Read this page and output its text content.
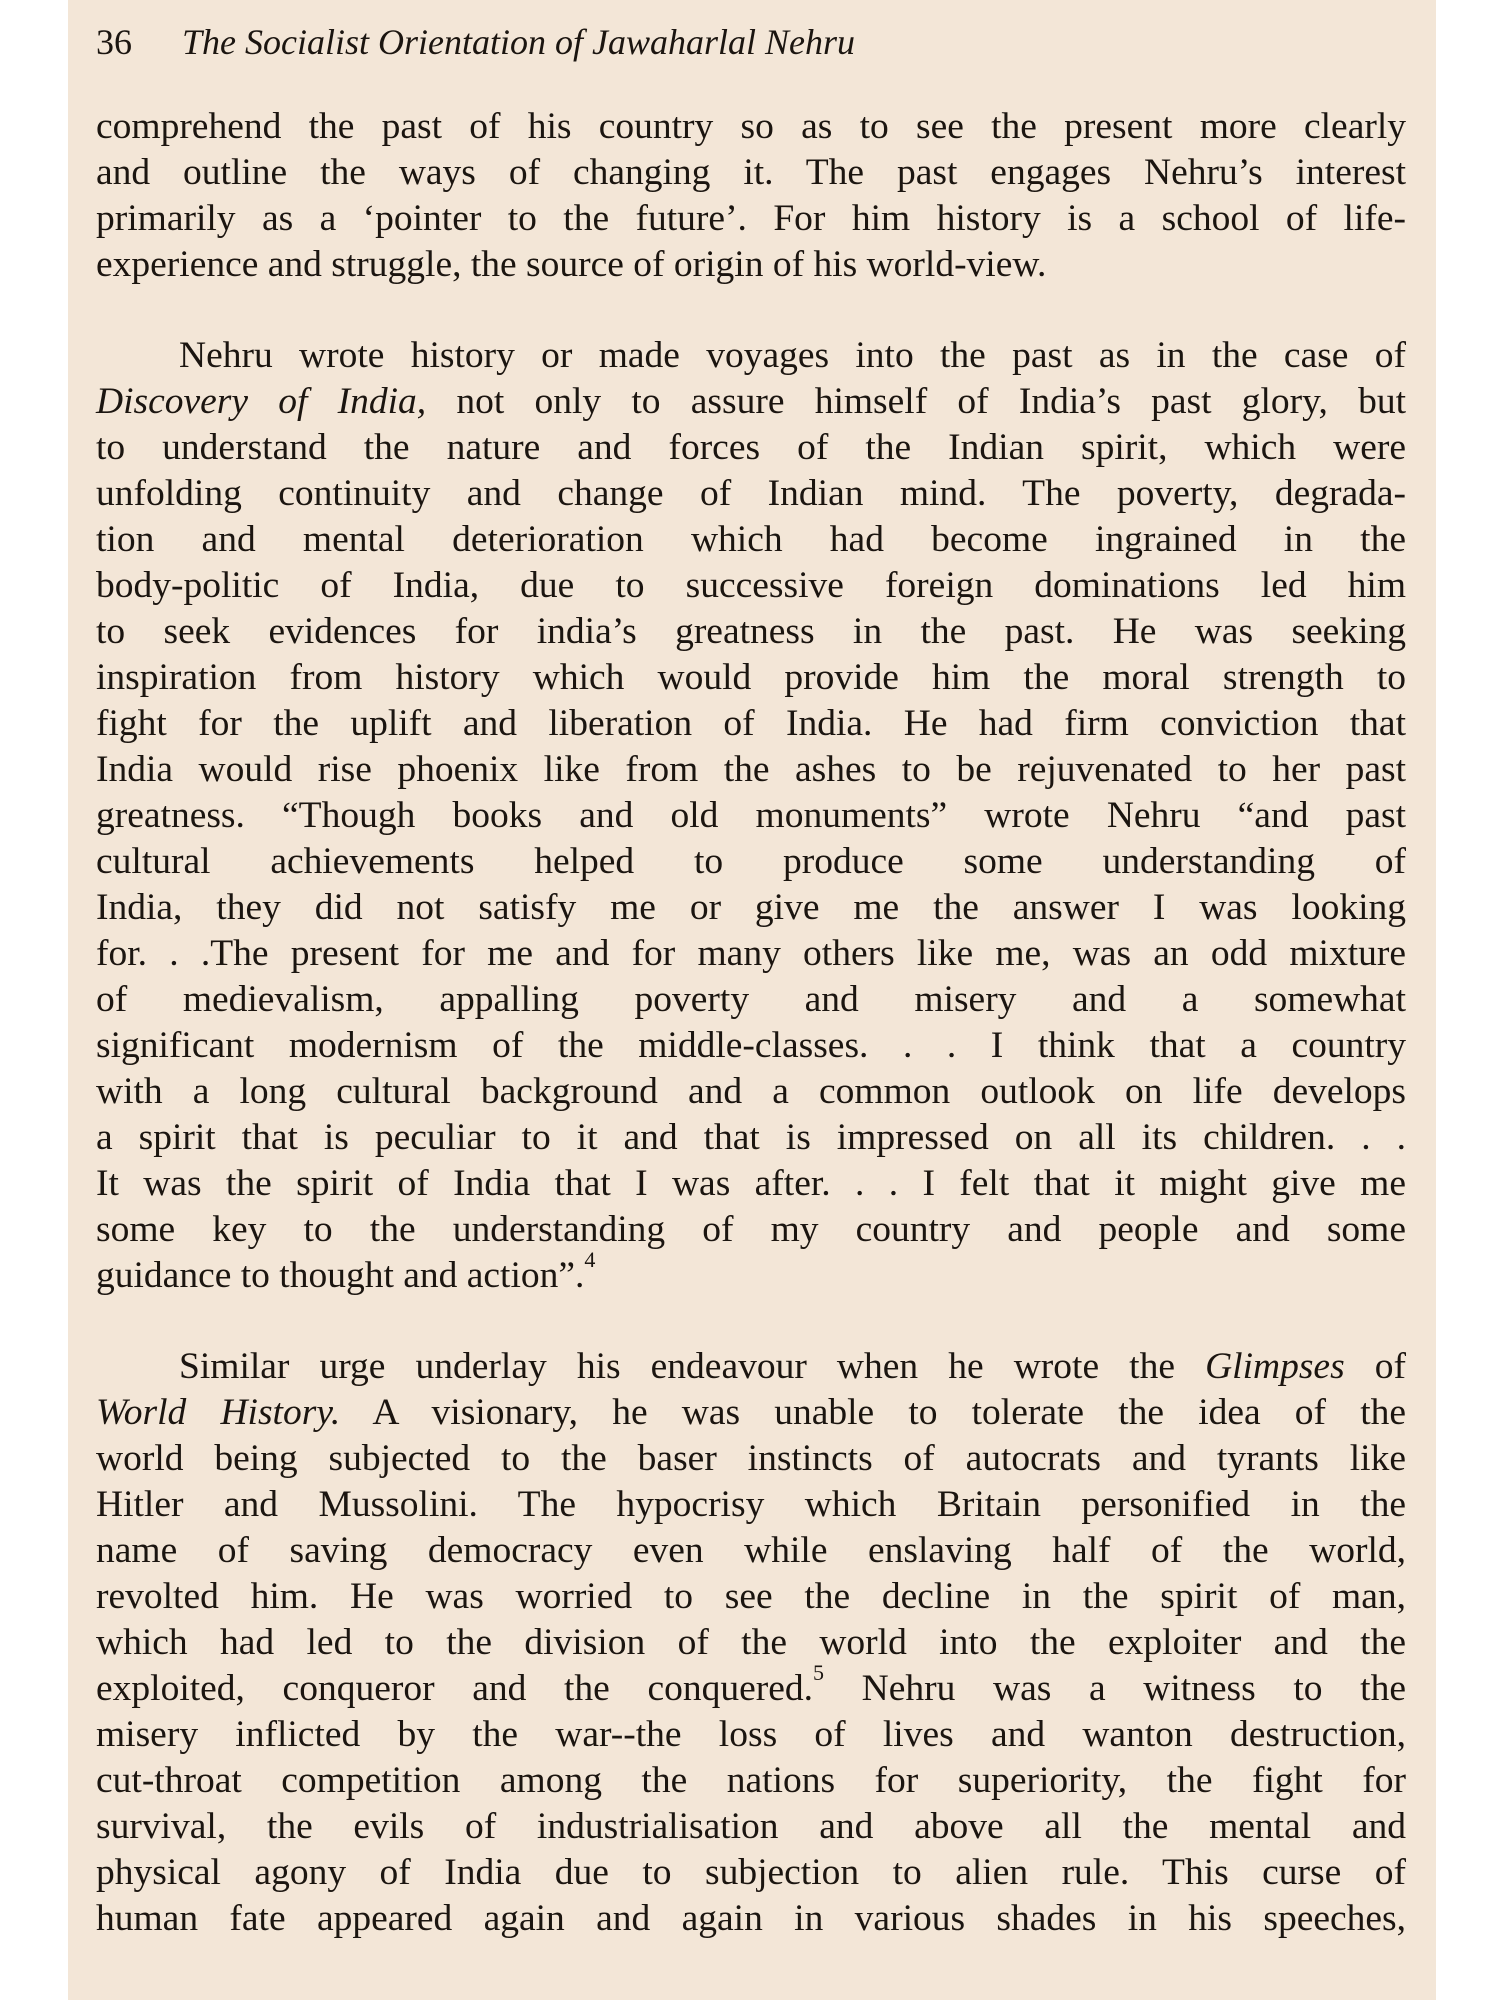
36 The Socialist Orientation of Jawaharlal Nehru
comprehend the past of his country so as to see the present more clearly
and outline the ways of changing it. The past engages Nehru’s interest
primarily as a ‘pointer to the future’. For him history is a school of life-
experience and struggle, the source of origin of his world-view.
Nehru wrote history or made voyages into the past as in the case of
Discovery of India, not only to assure himself of India’s past glory, but
to understand the nature and forces of the Indian spirit, which were
unfolding continuity and change of Indian mind. The poverty, degrada-
tion and mental deterioration which had become ingrained in the
body-politic of India, due to successive foreign dominations led him
to seek evidences for india’s greatness in the past. He was seeking
inspiration from history which would provide him the moral strength to
fight for the uplift and liberation of India. He had firm conviction that
India would rise phoenix like from the ashes to be rejuvenated to her past
greatness. “Though books and old monuments” wrote Nehru “and past
cultural achievements helped to produce some understanding of
India, they did not satisfy me or give me the answer I was looking
for. . .The present for me and for many others like me, was an odd mixture
of medievalism, appalling poverty and misery and a somewhat
significant modernism of the middle-classes. . . I think that a country
with a long cultural background and a common outlook on life develops
a spirit that is peculiar to it and that is impressed on all its children. . .
It was the spirit of India that I was after. . . I felt that it might give me
some key to the understanding of my country and people and some
guidance to thought and action”.$^4$
Similar urge underlay his endeavour when he wrote the Glimpses of
World History. A visionary, he was unable to tolerate the idea of the
world being subjected to the baser instincts of autocrats and tyrants like
Hitler and Mussolini. The hypocrisy which Britain personified in the
name of saving democracy even while enslaving half of the world,
revolted him. He was worried to see the decline in the spirit of man,
which had led to the division of the world into the exploiter and the
exploited, conqueror and the conquered.$^5$ Nehru was a witness to the
misery inflicted by the war--the loss of lives and wanton destruction,
cut-throat competition among the nations for superiority, the fight for
survival, the evils of industrialisation and above all the mental and
physical agony of India due to subjection to alien rule. This curse of
human fate appeared again and again in various shades in his speeches,
